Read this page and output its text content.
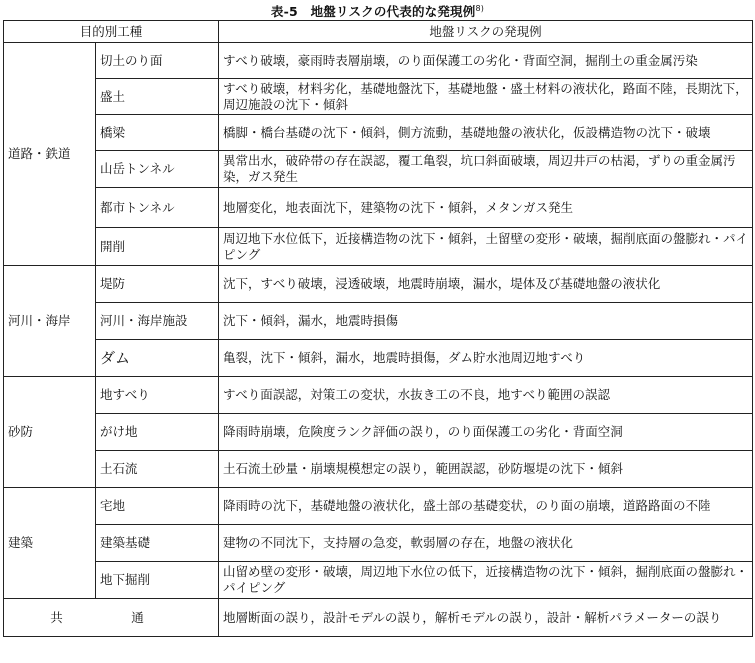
表-5　地盤リスクの代表的な発現例$^{8)}$
目的別工種		地盤リスクの発現例
道路・鉄道	切土のり面	すべり破壊，豪雨時表層崩壊，のり面保護工の劣化・背面空洞，掘削土の重金属汚染
	盛土	すべり破壊，材料劣化，基礎地盤沈下，基礎地盤・盛土材料の液状化，路面不陸，長期沈下，周辺施設の沈下・傾斜
	橋梁	橋脚・橋台基礎の沈下・傾斜，側方流動，基礎地盤の液状化，仮設構造物の沈下・破壊
	山岳トンネル	異常出水，破砕帯の存在誤認，覆工亀裂，坑口斜面破壊，周辺井戸の枯渇，ずりの重金属汚染，ガス発生
	都市トンネル	地層変化，地表面沈下，建築物の沈下・傾斜，メタンガス発生
	開削	周辺地下水位低下，近接構造物の沈下・傾斜，土留壁の変形・破壊，掘削底面の盤膨れ・パイピング
河川・海岸	堤防	沈下，すべり破壊，浸透破壊，地震時崩壊，漏水，堤体及び基礎地盤の液状化
	河川・海岸施設	沈下・傾斜，漏水，地震時損傷
	ダム	亀裂，沈下・傾斜，漏水，地震時損傷，ダム貯水池周辺地すべり
砂防	地すべり	すべり面誤認，対策工の変状，水抜き工の不良，地すべり範囲の誤認
	がけ地	降雨時崩壊，危険度ランク評価の誤り，のり面保護工の劣化・背面空洞
	土石流	土石流土砂量・崩壊規模想定の誤り，範囲誤認，砂防堰堤の沈下・傾斜
建築	宅地	降雨時の沈下，基礎地盤の液状化，盛土部の基礎変状，のり面の崩壊，道路路面の不陸
	建築基礎	建物の不同沈下，支持層の急変，軟弱層の存在，地盤の液状化
	地下掘削	山留め壁の変形・破壊，周辺地下水位の低下，近接構造物の沈下・傾斜，掘削底面の盤膨れ・パイピング
共　通		地層断面の誤り，設計モデルの誤り，解析モデルの誤り，設計・解析パラメーターの誤り
